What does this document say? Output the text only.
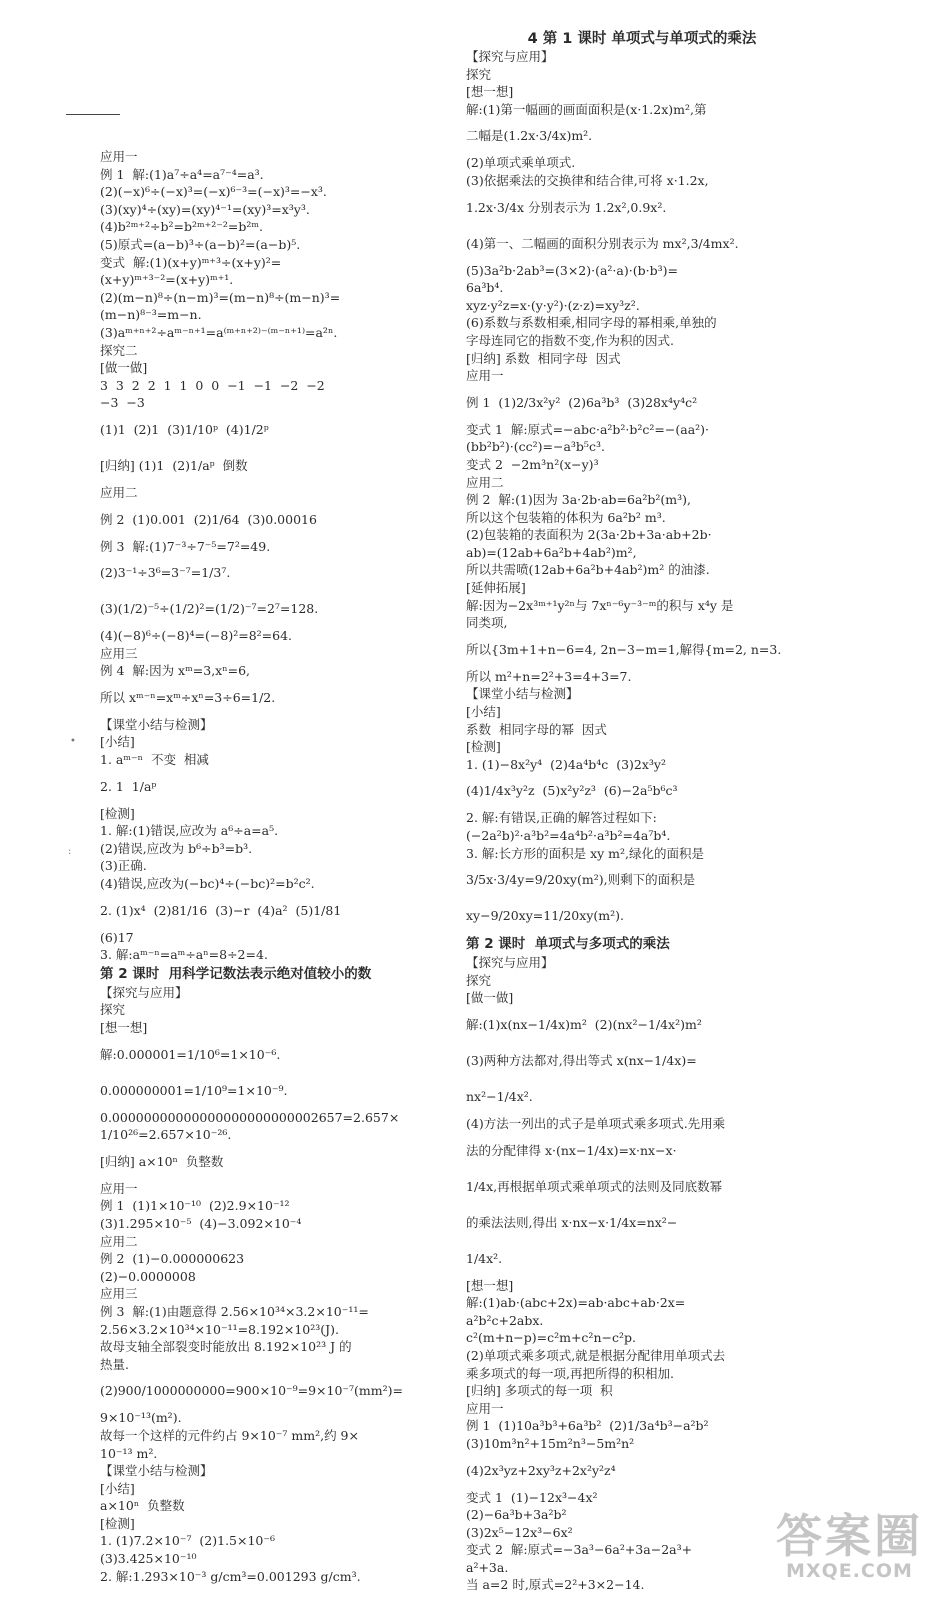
•
:
应用一
例 1  解:(1)a⁷÷a⁴=a⁷⁻⁴=a³.
(2)(−x)⁶÷(−x)³=(−x)⁶⁻³=(−x)³=−x³.
(3)(xy)⁴÷(xy)=(xy)⁴⁻¹=(xy)³=x³y³.
(4)b²ᵐ⁺²÷b²=b²ᵐ⁺²⁻²=b²ᵐ.
(5)原式=(a−b)³÷(a−b)²=(a−b)⁵.
变式  解:(1)(x+y)ᵐ⁺³÷(x+y)²=
(x+y)ᵐ⁺³⁻²=(x+y)ᵐ⁺¹.
(2)(m−n)⁸÷(n−m)³=(m−n)⁸÷(m−n)³=
(m−n)⁸⁻³=m−n.
(3)aᵐ⁺ⁿ⁺²÷aᵐ⁻ⁿ⁺¹=a⁽ᵐ⁺ⁿ⁺²⁾⁻⁽ᵐ⁻ⁿ⁺¹⁾=a²ⁿ.
探究二
[做一做]
3  3  2  2  1  1  0  0  −1  −1  −2  −2
−3  −3
(1)1  (2)1  (3)1/10ᵖ  (4)1/2ᵖ
[归纳] (1)1  (2)1/aᵖ  倒数
应用二
例 2  (1)0.001  (2)1/64  (3)0.00016
例 3  解:(1)7⁻³÷7⁻⁵=7²=49.
(2)3⁻¹÷3⁶=3⁻⁷=1/3⁷.
(3)(1/2)⁻⁵÷(1/2)²=(1/2)⁻⁷=2⁷=128.
(4)(−8)⁶÷(−8)⁴=(−8)²=8²=64.
应用三
例 4  解:因为 xᵐ=3,xⁿ=6,
所以 xᵐ⁻ⁿ=xᵐ÷xⁿ=3÷6=1/2.
【课堂小结与检测】
[小结]
1. aᵐ⁻ⁿ  不变  相减
2. 1  1/aᵖ
[检测]
1. 解:(1)错误,应改为 a⁶÷a=a⁵.
(2)错误,应改为 b⁶÷b³=b³.
(3)正确.
(4)错误,应改为(−bc)⁴÷(−bc)²=b²c².
2. (1)x⁴  (2)81/16  (3)−r  (4)a²  (5)1/81
(6)17
3. 解:aᵐ⁻ⁿ=aᵐ÷aⁿ=8÷2=4.
第 2 课时  用科学记数法表示绝对值较小的数
【探究与应用】
探究
[想一想]
解:0.000001=1/10⁶=1×10⁻⁶.
0.000000001=1/10⁹=1×10⁻⁹.
0.00000000000000000000000002657=2.657×
1/10²⁶=2.657×10⁻²⁶.
[归纳] a×10ⁿ  负整数
应用一
例 1  (1)1×10⁻¹⁰  (2)2.9×10⁻¹²
(3)1.295×10⁻⁵  (4)−3.092×10⁻⁴
应用二
例 2  (1)−0.000000623
(2)−0.0000008
应用三
例 3  解:(1)由题意得 2.56×10³⁴×3.2×10⁻¹¹=
2.56×3.2×10³⁴×10⁻¹¹=8.192×10²³(J).
故母支轴全部裂变时能放出 8.192×10²³ J 的
热量.
(2)900/1000000000=900×10⁻⁹=9×10⁻⁷(mm²)=
9×10⁻¹³(m²).
故每一个这样的元件约占 9×10⁻⁷ mm²,约 9×
10⁻¹³ m².
【课堂小结与检测】
[小结]
a×10ⁿ  负整数
[检测]
1. (1)7.2×10⁻⁷  (2)1.5×10⁻⁶
(3)3.425×10⁻¹⁰
2. 解:1.293×10⁻³ g/cm³=0.001293 g/cm³.
4 第 1 课时 单项式与单项式的乘法
【探究与应用】
探究
[想一想]
解:(1)第一幅画的画面面积是(x·1.2x)m²,第
二幅是(1.2x·3/4x)m².
(2)单项式乘单项式.
(3)依据乘法的交换律和结合律,可将 x·1.2x,
1.2x·3/4x 分别表示为 1.2x²,0.9x².
(4)第一、二幅画的面积分别表示为 mx²,3/4mx².
(5)3a²b·2ab³=(3×2)·(a²·a)·(b·b³)=
6a³b⁴.
xyz·y²z=x·(y·y²)·(z·z)=xy³z².
(6)系数与系数相乘,相同字母的幂相乘,单独的
字母连同它的指数不变,作为积的因式.
[归纳] 系数  相同字母  因式
应用一
例 1  (1)2/3x²y²  (2)6a³b³  (3)28x⁴y⁴c²
变式 1  解:原式=−abc·a²b²·b²c²=−(aa²)·
(bb²b²)·(cc²)=−a³b⁵c³.
变式 2  −2m³n²(x−y)³
应用二
例 2  解:(1)因为 3a·2b·ab=6a²b²(m³),
所以这个包装箱的体积为 6a²b² m³.
(2)包装箱的表面积为 2(3a·2b+3a·ab+2b·
ab)=(12ab+6a²b+4ab²)m²,
所以共需喷(12ab+6a²b+4ab²)m² 的油漆.
[延伸拓展]
解:因为−2x³ᵐ⁺¹y²ⁿ与 7xⁿ⁻⁶y⁻³⁻ᵐ的积与 x⁴y 是
同类项,
所以{3m+1+n−6=4, 2n−3−m=1,解得{m=2, n=3.
所以 m²+n=2²+3=4+3=7.
【课堂小结与检测】
[小结]
系数  相同字母的幂  因式
[检测]
1. (1)−8x²y⁴  (2)4a⁴b⁴c  (3)2x³y²
(4)1/4x³y²z  (5)x²y²z³  (6)−2a⁵b⁶c³
2. 解:有错误,正确的解答过程如下:
(−2a²b)²·a³b²=4a⁴b²·a³b²=4a⁷b⁴.
3. 解:长方形的面积是 xy m²,绿化的面积是
3/5x·3/4y=9/20xy(m²),则剩下的面积是
xy−9/20xy=11/20xy(m²).
第 2 课时  单项式与多项式的乘法
【探究与应用】
探究
[做一做]
解:(1)x(nx−1/4x)m²  (2)(nx²−1/4x²)m²
(3)两种方法都对,得出等式 x(nx−1/4x)=
nx²−1/4x².
(4)方法一列出的式子是单项式乘多项式.先用乘
法的分配律得 x·(nx−1/4x)=x·nx−x·
1/4x,再根据单项式乘单项式的法则及同底数幂
的乘法法则,得出 x·nx−x·1/4x=nx²−
1/4x².
[想一想]
解:(1)ab·(abc+2x)=ab·abc+ab·2x=
a²b²c+2abx.
c²(m+n−p)=c²m+c²n−c²p.
(2)单项式乘多项式,就是根据分配律用单项式去
乘多项式的每一项,再把所得的积相加.
[归纳] 多项式的每一项  积
应用一
例 1  (1)10a³b³+6a³b²  (2)1/3a⁴b³−a²b²
(3)10m³n²+15m²n³−5m²n²
(4)2x³yz+2xy³z+2x²y²z⁴
变式 1  (1)−12x³−4x²
(2)−6a³b+3a²b²
(3)2x⁵−12x³−6x²
变式 2  解:原式=−3a³−6a²+3a−2a³+
a²+3a.
当 a=2 时,原式=2²+3×2−14.
答案圈
MXQE.COM
